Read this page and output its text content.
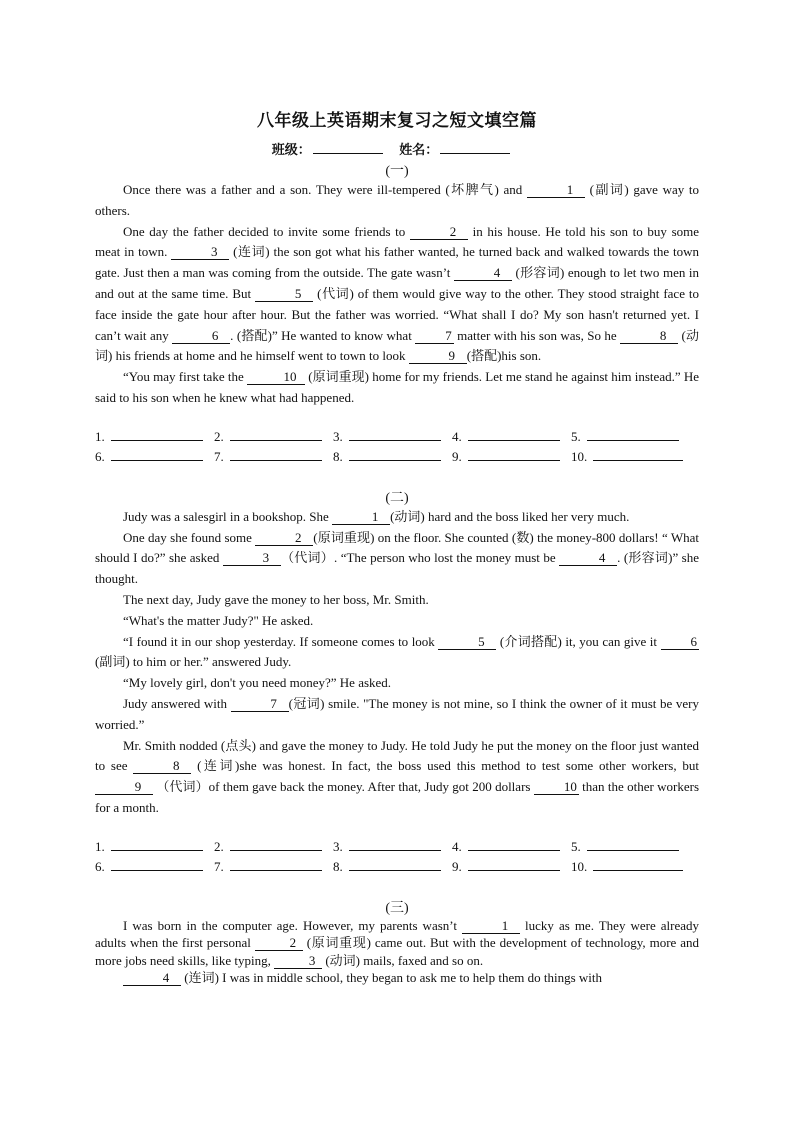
八年级上英语期末复习之短文填空篇
班级：	姓名：
(一)

Once there was a father and a son. They were ill-tempered (坏脾气) and	1 (副词) gave way to others.

One day the father decided to invite some friends to	2 in his house. He told his son to buy some meat in town.	3 (连词) the son got what his father wanted, he turned back and walked towards the town gate. Just then a man was coming from the outside. The gate wasn’t	4 (形容词) enough to let two men in and out at the same time. But	5 (代词) of them would give way to the other. They stood straight face to face inside the gate hour after hour. But the father was worried. “What shall I do? My son hasn't returned yet. I can’t wait any	6 . (搭配)” He wanted to know what	7 matter with his son was, So he	8 (动词) his friends at home and he himself went to town to look	9 (搭配)his son.

“You may first take the	10 (原词重现) home for my friends. Let me stand he against him instead.” He said to his son when he knew what had happened.

1.	2.	3.	4.	5.
6.	7.	8.	9.	10.
(二)

Judy was a salesgirl in a bookshop. She	1 (动词) hard and the boss liked her very much.

One day she found some	2 (原词重现) on the floor. She counted (数) the money-800 dollars! “ What should I do?” she asked	3 （代词）. “The person who lost the money must be	4 . (形容词)” she thought.

The next day, Judy gave the money to her boss, Mr. Smith.

“What's the matter Judy?" He asked.

“I found it in our shop yesterday. If someone comes to look	5 (介词搭配) it, you can give it	6 (副词) to him or her.” answered Judy.

“My lovely girl, don't you need money?” He asked.

Judy answered with	7 (冠词) smile. "The money is not mine, so I think the owner of it must be very worried.”

Mr. Smith nodded (点头) and gave the money to Judy. He told Judy he put the money on the floor just wanted to see	8 (连词)she was honest. In fact, the boss used this method to test some other workers, but 9 （代词）of them gave back the money. After that, Judy got 200 dollars	10 than the other workers for a month.

1.	2.	3.	4.	5.
6.	7.	8.	9.	10.
(三)

I was born in the computer age. However, my parents wasn’t	1 lucky as me. They were already adults when the first personal	2 (原词重现) came out. But with the development of technology, more and more jobs need skills, like typing,	3 (动词) mails, faxed and so on.

4 (连词) I was in middle school, they began to ask me to help them do things with
